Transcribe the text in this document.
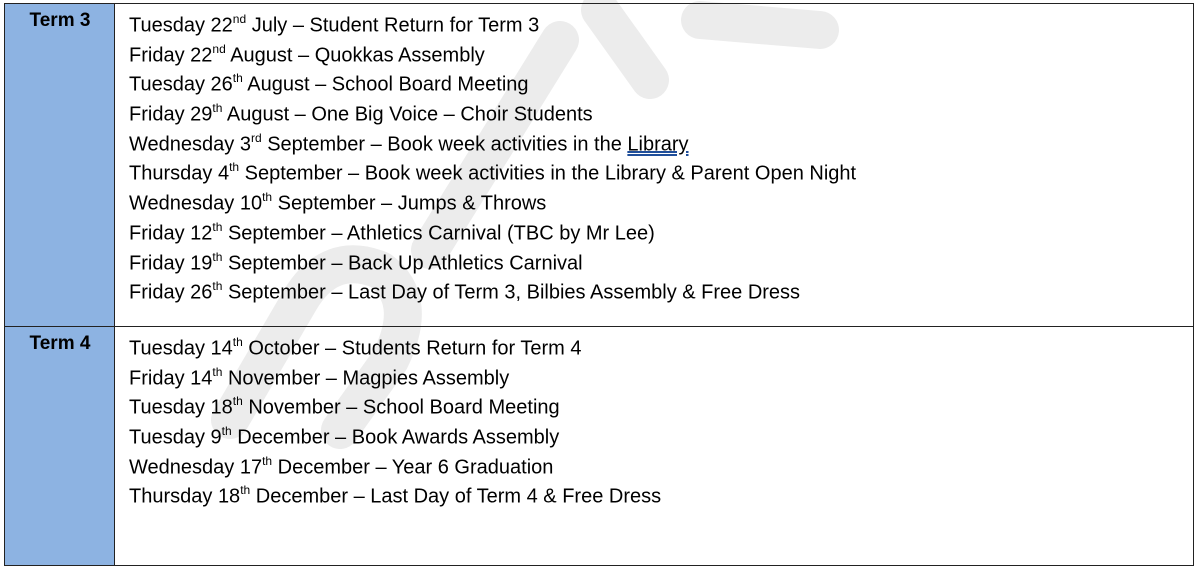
Term 3	Tuesday 22nd July – Student Return for Term 3
Friday 22nd August – Quokkas Assembly
Tuesday 26th August – School Board Meeting
Friday 29th August – One Big Voice – Choir Students
Wednesday 3rd September – Book week activities in the Library
Thursday 4th September – Book week activities in the Library & Parent Open Night
Wednesday 10th September – Jumps & Throws
Friday 12th September – Athletics Carnival (TBC by Mr Lee)
Friday 19th September – Back Up Athletics Carnival
Friday 26th September – Last Day of Term 3, Bilbies Assembly & Free Dress
Term 4	Tuesday 14th October – Students Return for Term 4
Friday 14th November – Magpies Assembly
Tuesday 18th November – School Board Meeting
Tuesday 9th December – Book Awards Assembly
Wednesday 17th December – Year 6 Graduation
Thursday 18th December – Last Day of Term 4 & Free Dress
